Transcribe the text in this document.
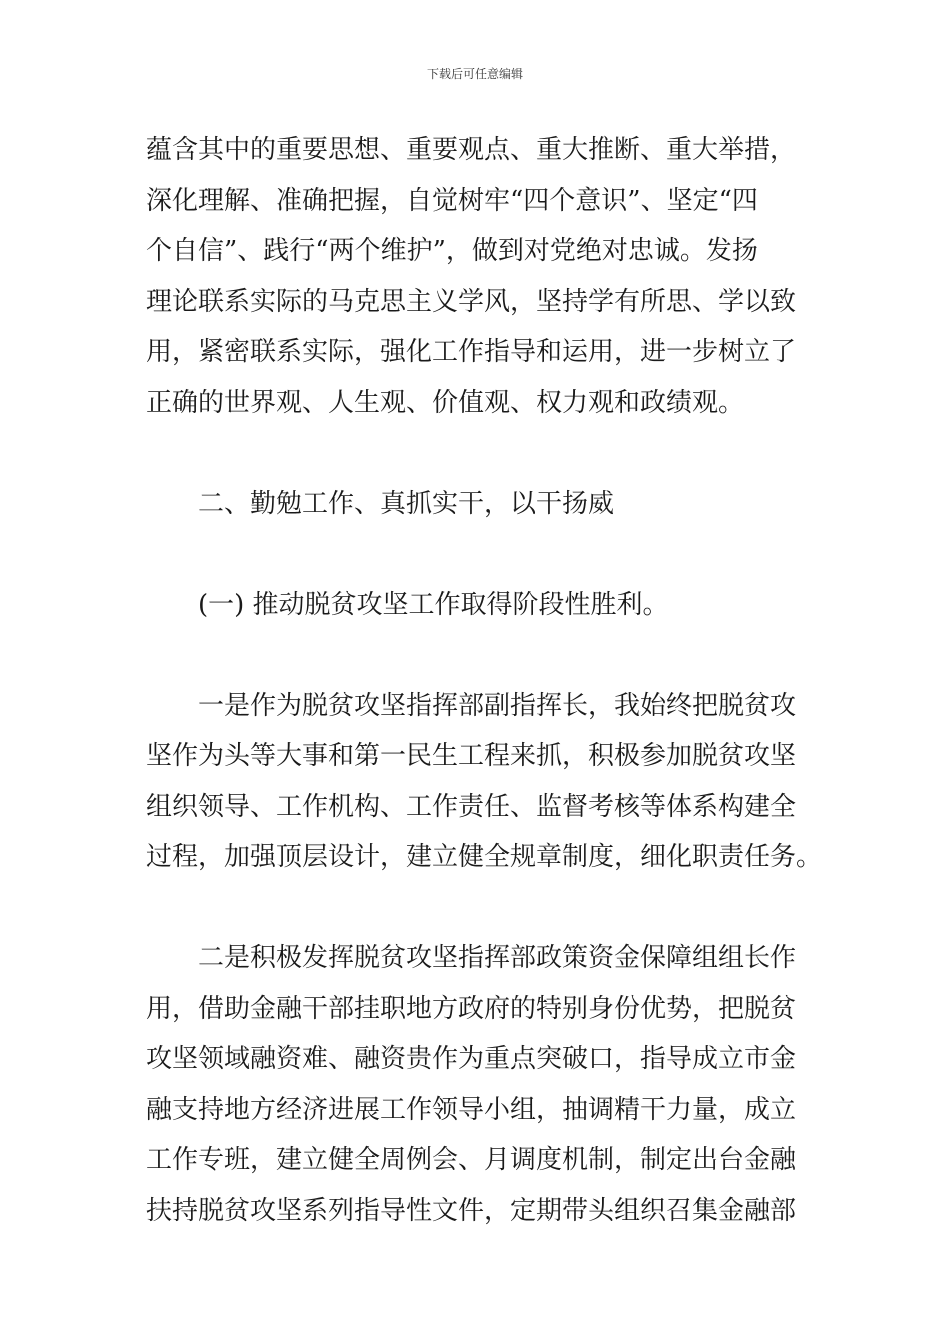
下载后可任意编辑
蕴含其中的重要思想、重要观点、重大推断、重大举措，
深化理解、准确把握，自觉树牢“四个意识”、坚定“四
个自信”、践行“两个维护”，做到对党绝对忠诚。发扬
理论联系实际的马克思主义学风，坚持学有所思、学以致
用，紧密联系实际，强化工作指导和运用，进一步树立了
正确的世界观、人生观、价值观、权力观和政绩观。
　　二、勤勉工作、真抓实干，以干扬威
　　(一) 推动脱贫攻坚工作取得阶段性胜利。
　　一是作为脱贫攻坚指挥部副指挥长，我始终把脱贫攻
坚作为头等大事和第一民生工程来抓，积极参加脱贫攻坚
组织领导、工作机构、工作责任、监督考核等体系构建全
过程，加强顶层设计，建立健全规章制度，细化职责任务。
　　二是积极发挥脱贫攻坚指挥部政策资金保障组组长作
用，借助金融干部挂职地方政府的特别身份优势，把脱贫
攻坚领域融资难、融资贵作为重点突破口，指导成立市金
融支持地方经济进展工作领导小组，抽调精干力量，成立
工作专班，建立健全周例会、月调度机制，制定出台金融
扶持脱贫攻坚系列指导性文件，定期带头组织召集金融部
